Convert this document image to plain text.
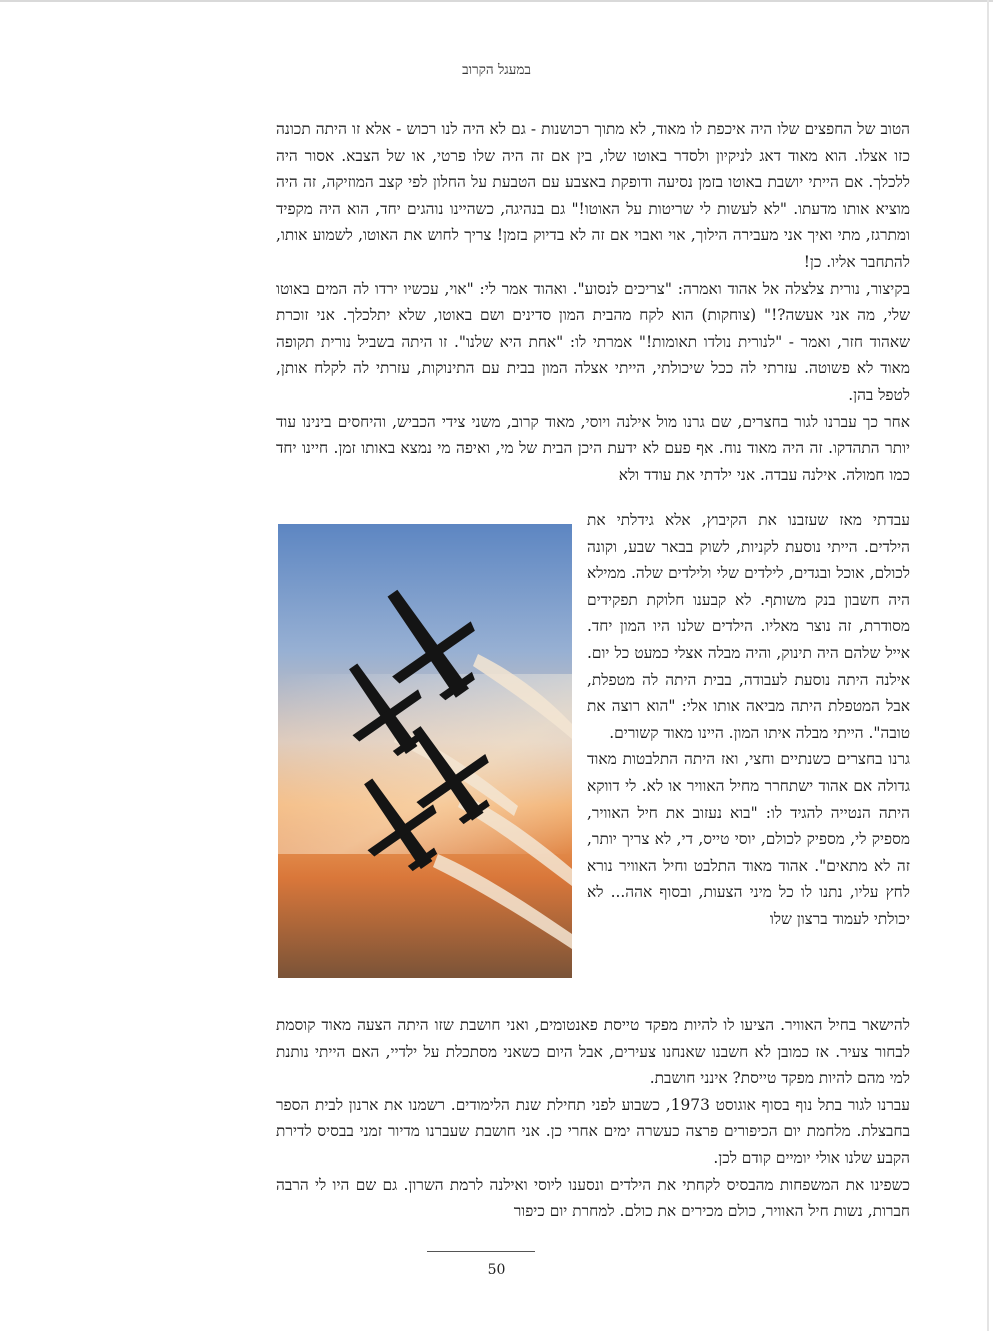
במעגל הקרוב

הטוב של החפצים שלו היה איכפת לו מאוד, לא מתוך רכושנות - גם לא היה לנו רכוש - אלא זו היתה תכונה כזו אצלו. הוא מאוד דאג לניקיון ולסדר באוטו שלו, בין אם זה היה שלו פרטי, או של הצבא. אסור היה ללכלך. אם הייתי יושבת באוטו בזמן נסיעה ודופקת באצבע עם הטבעת על החלון לפי קצב המוזיקה, זה היה מוציא אותו מדעתו. "לא לעשות לי שריטות על האוטו!" גם בנהיגה, כשהיינו נוהגים יחד, הוא היה מקפיד ומתרגז, מתי ואיך אני מעבירה הילוך, אוי ואבוי אם זה לא בדיוק בזמן! צריך לחוש את האוטו, לשמוע אותו, להתחבר אליו. כן!

בקיצור, נורית צלצלה אל אהוד ואמרה: "צריכים לנסוע". ואהוד אמר לי: "אוי, עכשיו ירדו לה המים באוטו שלי, מה אני אעשה?!" (צוחקות) הוא לקח מהבית המון סדינים ושם באוטו, שלא יתלכלך. אני זוכרת שאהוד חזר, ואמר - "לנורית נולדו תאומות!" אמרתי לו: "אחת היא שלנו". זו היתה בשביל נורית תקופה מאוד לא פשוטה. עזרתי לה ככל שיכולתי, הייתי אצלה המון בבית עם התינוקות, עזרתי לה לקלח אותן, לטפל בהן.

אחר כך עברנו לגור בחצרים, שם גרנו מול אילנה ויוסי, מאוד קרוב, משני צידי הכביש, והיחסים בינינו עוד יותר התהדקו. זה היה מאוד נוח. אף פעם לא ידעת היכן הבית של מי, ואיפה מי נמצא באותו זמן. חיינו יחד כמו חמולה. אילנה עבדה. אני ילדתי את עודד ולא

עבדתי מאז שעזבנו את הקיבוץ, אלא גידלתי את הילדים. הייתי נוסעת לקניות, לשוק בבאר שבע, וקונה לכולם, אוכל ובגדים, לילדים שלי ולילדים שלה. ממילא היה חשבון בנק משותף. לא קבענו חלוקת תפקידים מסודרת, זה נוצר מאליו. הילדים שלנו היו המון יחד. אייל שלהם היה תינוק, והיה מבלה אצלי כמעט כל יום. אילנה היתה נוסעת לעבודה, בבית היתה לה מטפלת, אבל המטפלת היתה מביאה אותו אלי: "הוא רוצה את טובה". הייתי מבלה איתו המון. היינו מאוד קשורים.

גרנו בחצרים כשנתיים וחצי, ואז היתה התלבטות מאוד גדולה אם אהוד ישתחרר מחיל האוויר או לא. לי דווקא היתה הנטייה להגיד לו: "בוא נעזוב את חיל האוויר, מספיק לי, מספיק לכולם, יוסי טייס, די, לא צריך יותר, זה לא מתאים". אהוד מאוד התלבט וחיל האוויר נורא לחץ עליו, נתנו לו כל מיני הצעות, ובסוף אהה... לא יכולתי לעמוד ברצון שלו

להישאר בחיל האוויר. הציעו לו להיות מפקד טייסת פאנטומים, ואני חושבת שזו היתה הצעה מאוד קוסמת לבחור צעיר. אז כמובן לא חשבנו שאנחנו צעירים, אבל היום כשאני מסתכלת על ילדיי, האם הייתי נותנת למי מהם להיות מפקד טייסת? אינני חושבת.

עברנו לגור בתל נוף בסוף אוגוסט 1973, כשבוע לפני תחילת שנת הלימודים. רשמנו את ארנון לבית הספר בחבצלת. מלחמת יום הכיפורים פרצה כעשרה ימים אחרי כן. אני חושבת שעברנו מדיור זמני בבסיס לדירת הקבע שלנו אולי יומיים קודם לכן.

כשפינו את המשפחות מהבסיס לקחתי את הילדים ונסענו ליוסי ואילנה לרמת השרון. גם שם היו לי הרבה חברות, נשות חיל האוויר, כולם מכירים את כולם. למחרת יום כיפור

50
